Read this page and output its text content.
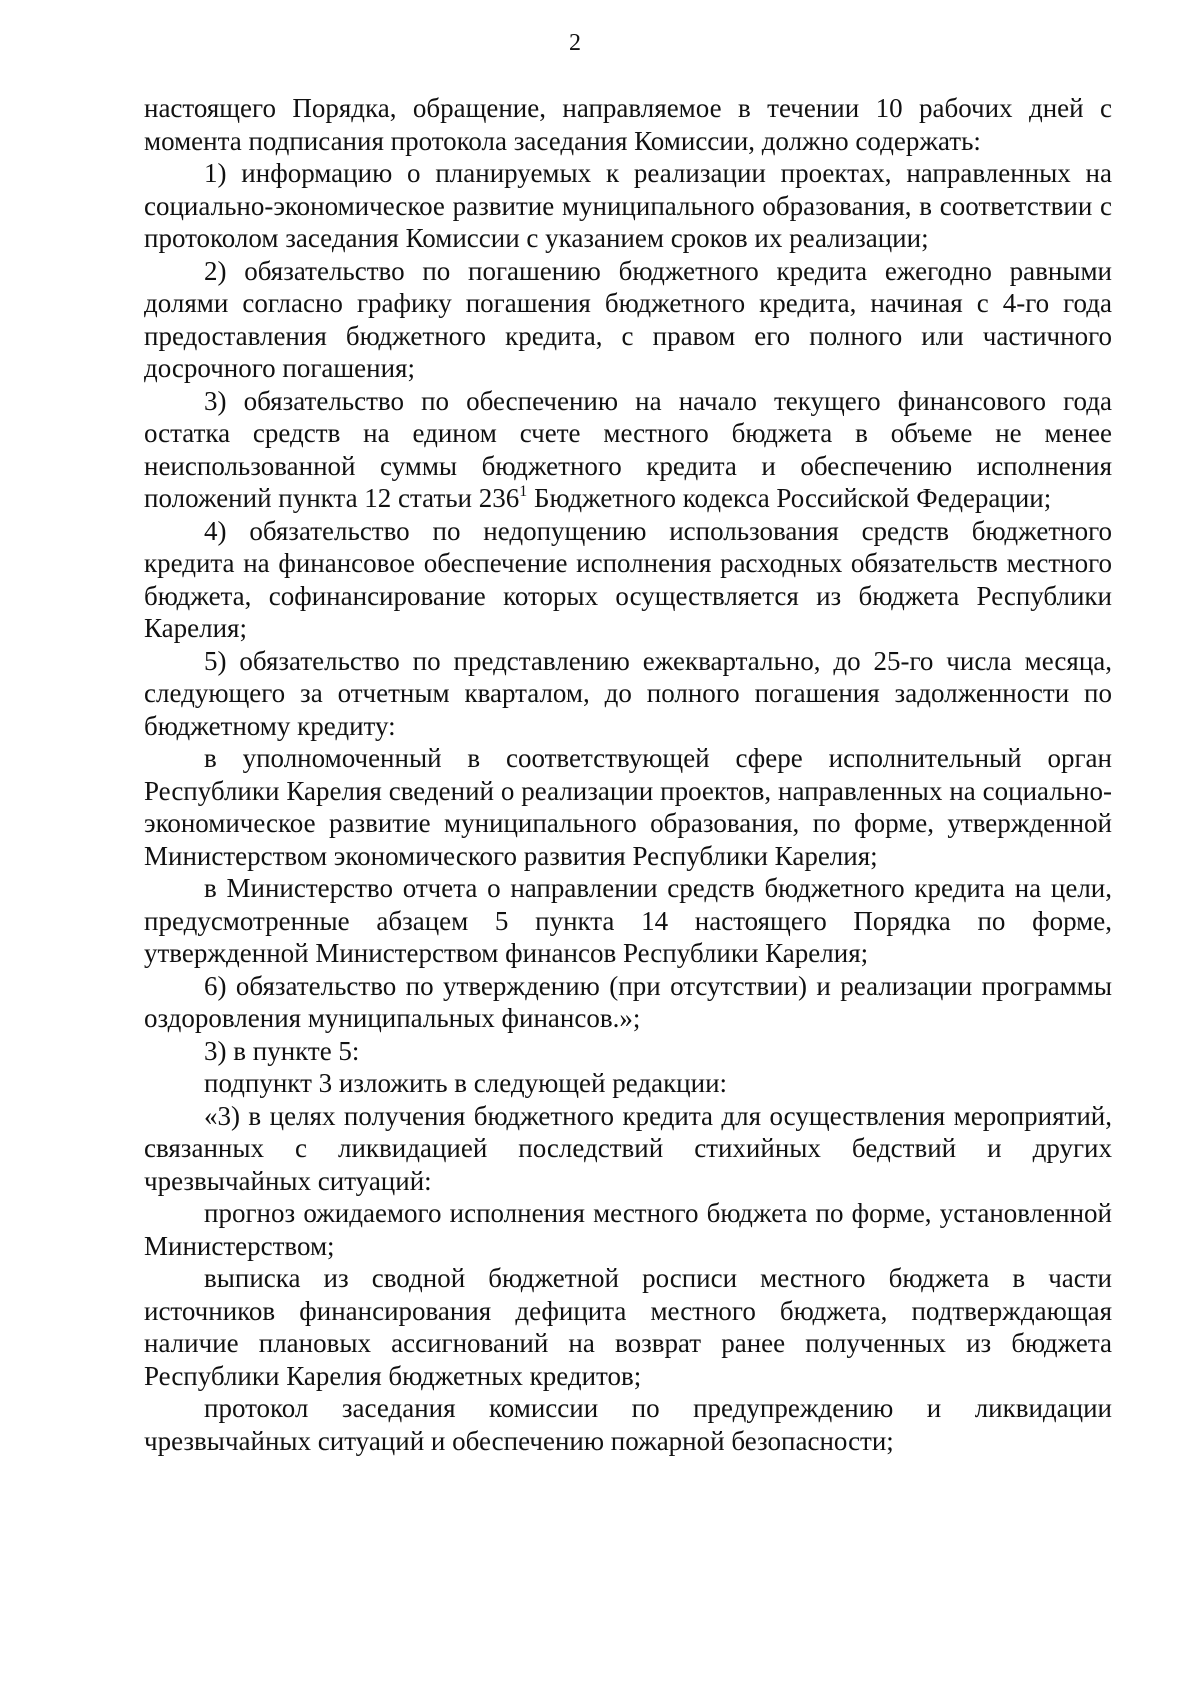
2

настоящего Порядка, обращение, направляемое в течении 10 рабочих дней с момента подписания протокола заседания Комиссии, должно содержать:

1) информацию о планируемых к реализации проектах, направленных на социально-экономическое развитие муниципального образования, в соответствии с протоколом заседания Комиссии с указанием сроков их реализации;

2) обязательство по погашению бюджетного кредита ежегодно равными долями согласно графику погашения бюджетного кредита, начиная с 4-го года предоставления бюджетного кредита, с правом его полного или частичного досрочного погашения;

3) обязательство по обеспечению на начало текущего финансового года остатка средств на едином счете местного бюджета в объеме не менее неиспользованной суммы бюджетного кредита и обеспечению исполнения положений пункта 12 статьи $236^1$ Бюджетного кодекса Российской Федерации;

4) обязательство по недопущению использования средств бюджетного кредита на финансовое обеспечение исполнения расходных обязательств местного бюджета, софинансирование которых осуществляется из бюджета Республики Карелия;

5) обязательство по представлению ежеквартально, до 25-го числа месяца, следующего за отчетным кварталом, до полного погашения задолженности по бюджетному кредиту:

в уполномоченный в соответствующей сфере исполнительный орган Республики Карелия сведений о реализации проектов, направленных на социально-экономическое развитие муниципального образования, по форме, утвержденной Министерством экономического развития Республики Карелия;

в Министерство отчета о направлении средств бюджетного кредита на цели, предусмотренные абзацем 5 пункта 14 настоящего Порядка по форме, утвержденной Министерством финансов Республики Карелия;

6) обязательство по утверждению (при отсутствии) и реализации программы оздоровления муниципальных финансов.»;

3) в пункте 5:

подпункт 3 изложить в следующей редакции:

«3) в целях получения бюджетного кредита для осуществления мероприятий, связанных с ликвидацией последствий стихийных бедствий и других чрезвычайных ситуаций:

прогноз ожидаемого исполнения местного бюджета по форме, установленной Министерством;

выписка из сводной бюджетной росписи местного бюджета в части источников финансирования дефицита местного бюджета, подтверждающая наличие плановых ассигнований на возврат ранее полученных из бюджета Республики Карелия бюджетных кредитов;

протокол заседания комиссии по предупреждению и ликвидации чрезвычайных ситуаций и обеспечению пожарной безопасности;
